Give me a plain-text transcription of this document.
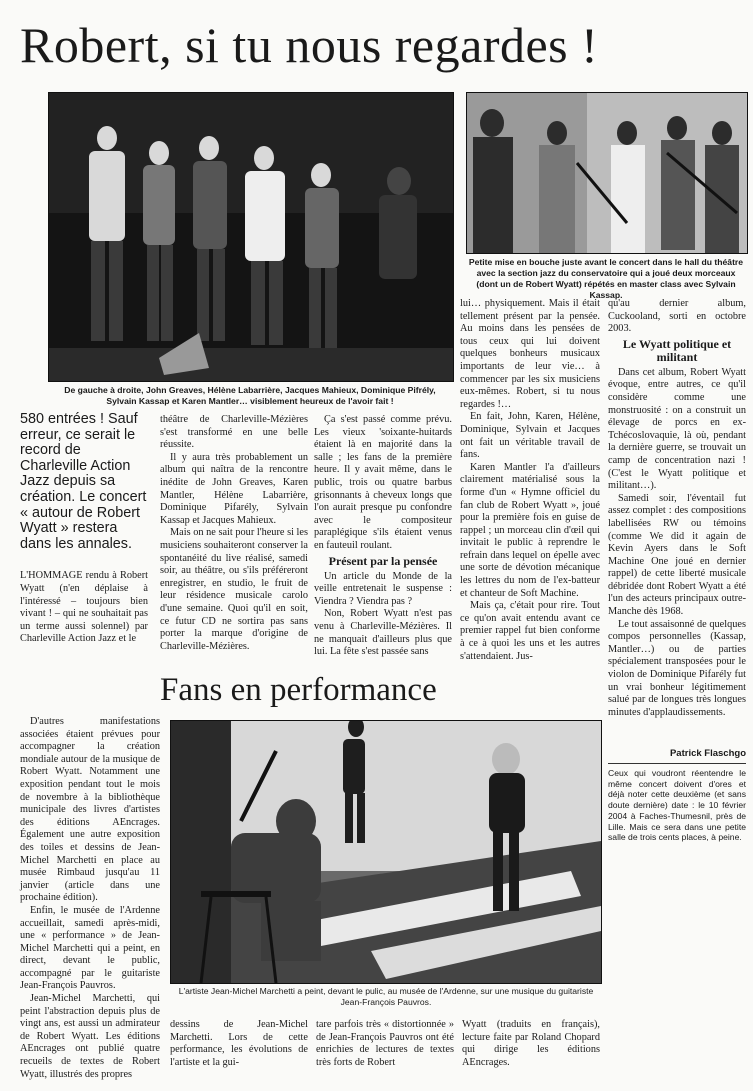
Robert, si tu nous regardes !
De gauche à droite, John Greaves, Hélène Labarrière, Jacques Mahieux, Dominique Pifrély, Sylvain Kassap et Karen Mantler… visiblement heureux de l'avoir fait !
Petite mise en bouche juste avant le concert dans le hall du théâtre avec la section jazz du conservatoire qui a joué deux morceaux (dont un de Robert Wyatt) répétés en master class avec Sylvain Kassap.

580 entrées ! Sauf erreur, ce serait le record de Charleville Action Jazz depuis sa création. Le concert « autour de Robert Wyatt » restera dans les annales.

L'HOMMAGE rendu à Robert Wyatt (n'en déplaise à l'intéressé – toujours bien vivant ! – qui ne souhaitait pas un terme aussi solennel) par Charleville Action Jazz et le

théâtre de Charleville-Mézières s'est transformé en une belle réussite.

Il y aura très probablement un album qui naîtra de la rencontre inédite de John Greaves, Karen Mantler, Hélène Labarrière, Dominique Pifarély, Sylvain Kassap et Jacques Mahieux.

Mais on ne sait pour l'heure si les musiciens souhaiteront conserver la spontanéité du live réalisé, samedi soir, au théâtre, ou s'ils préféreront enregistrer, en studio, le fruit de leur résidence musicale carolo d'une semaine. Quoi qu'il en soit, ce futur CD ne sortira pas sans porter la marque d'origine de Charleville-Mézières.

Ça s'est passé comme prévu. Les vieux 'soixante-huitards étaient là en majorité dans la salle ; les fans de la première heure. Il y avait même, dans le public, trois ou quatre barbus grisonnants à cheveux longs que l'on aurait presque pu confondre avec le compositeur paraplégique s'ils étaient venus en fauteuil roulant.

Présent par la pensée

Un article du Monde de la veille entretenait le suspense : Viendra ? Viendra pas ?

Non, Robert Wyatt n'est pas venu à Charleville-Mézières. Il ne manquait d'ailleurs plus que lui. La fête s'est passée sans

lui… physiquement. Mais il était tellement présent par la pensée. Au moins dans les pensées de tous ceux qui lui doivent quelques bonheurs musicaux importants de leur vie… à commencer par les six musiciens eux-mêmes. Robert, si tu nous regardes !…

En fait, John, Karen, Hélène, Dominique, Sylvain et Jacques ont fait un véritable travail de fans.

Karen Mantler l'a d'ailleurs clairement matérialisé sous la forme d'un « Hymne officiel du fan club de Robert Wyatt », joué pour la première fois en guise de rappel ; un morceau clin d'œil qui invitait le public à reprendre le refrain dans lequel on épelle avec une sorte de dévotion mécanique les lettres du nom de l'ex-batteur et chanteur de Soft Machine.

Mais ça, c'était pour rire. Tout ce qu'on avait entendu avant ce premier rappel fut bien conforme à ce à quoi les uns et les autres s'attendaient. Jus-

qu'au dernier album, Cuckooland, sorti en octobre 2003.

Le Wyatt politique et militant

Dans cet album, Robert Wyatt évoque, entre autres, ce qu'il considère comme une monstruosité : on a construit un élevage de porcs en ex-Tchécoslovaquie, là où, pendant la dernière guerre, se trouvait un camp de concentration nazi ! (C'est le Wyatt politique et militant…).

Samedi soir, l'éventail fut assez complet : des compositions labellisées RW ou témoins (comme We did it again de Kevin Ayers dans le Soft Machine One joué en dernier rappel) de cette liberté musicale débridée dont Robert Wyatt a été l'un des acteurs principaux outre-Manche dès 1968.

Le tout assaisonné de quelques compos personnelles (Kassap, Mantler…) ou de parties spécialement transposées pour le violon de Dominique Pifarély fut un vrai bonheur légitimement salué par de longues très longues minutes d'applaudissements.

Patrick Flaschgo
Ceux qui voudront réentendre le même concert doivent d'ores et déjà noter cette deuxième (et sans doute dernière) date : le 10 février 2004 à Faches-Thumesnil, près de Lille. Mais ce sera dans une petite salle de trois cents places, à peine.
Fans en performance

D'autres manifestations associées étaient prévues pour accompagner la création mondiale autour de la musique de Robert Wyatt. Notamment une exposition pendant tout le mois de novembre à la bibliothèque municipale des livres d'artistes des éditions AEncrages. Également une autre exposition des toiles et dessins de Jean-Michel Marchetti en place au musée Rimbaud jusqu'au 11 janvier (article dans une prochaine édition).

Enfin, le musée de l'Ardenne accueillait, samedi après-midi, une « performance » de Jean-Michel Marchetti qui a peint, en direct, devant le public, accompagné par le guitariste Jean-François Pauvros.

Jean-Michel Marchetti, qui peint l'abstraction depuis plus de vingt ans, est aussi un admirateur de Robert Wyatt. Les éditions AEncrages ont publié quatre recueils de textes de Robert Wyatt, illustrés des propres

L'artiste Jean-Michel Marchetti a peint, devant le pulic, au musée de l'Ardenne, sur une musique du guitariste Jean-François Pauvros.
dessins de Jean-Michel Marchetti. Lors de cette performance, les évolutions de l'artiste et la gui-
tare parfois très « distortionnée » de Jean-François Pauvros ont été enrichies de lectures de textes très forts de Robert
Wyatt (traduits en français), lecture faite par Roland Chopard qui dirige les éditions AEncrages.
